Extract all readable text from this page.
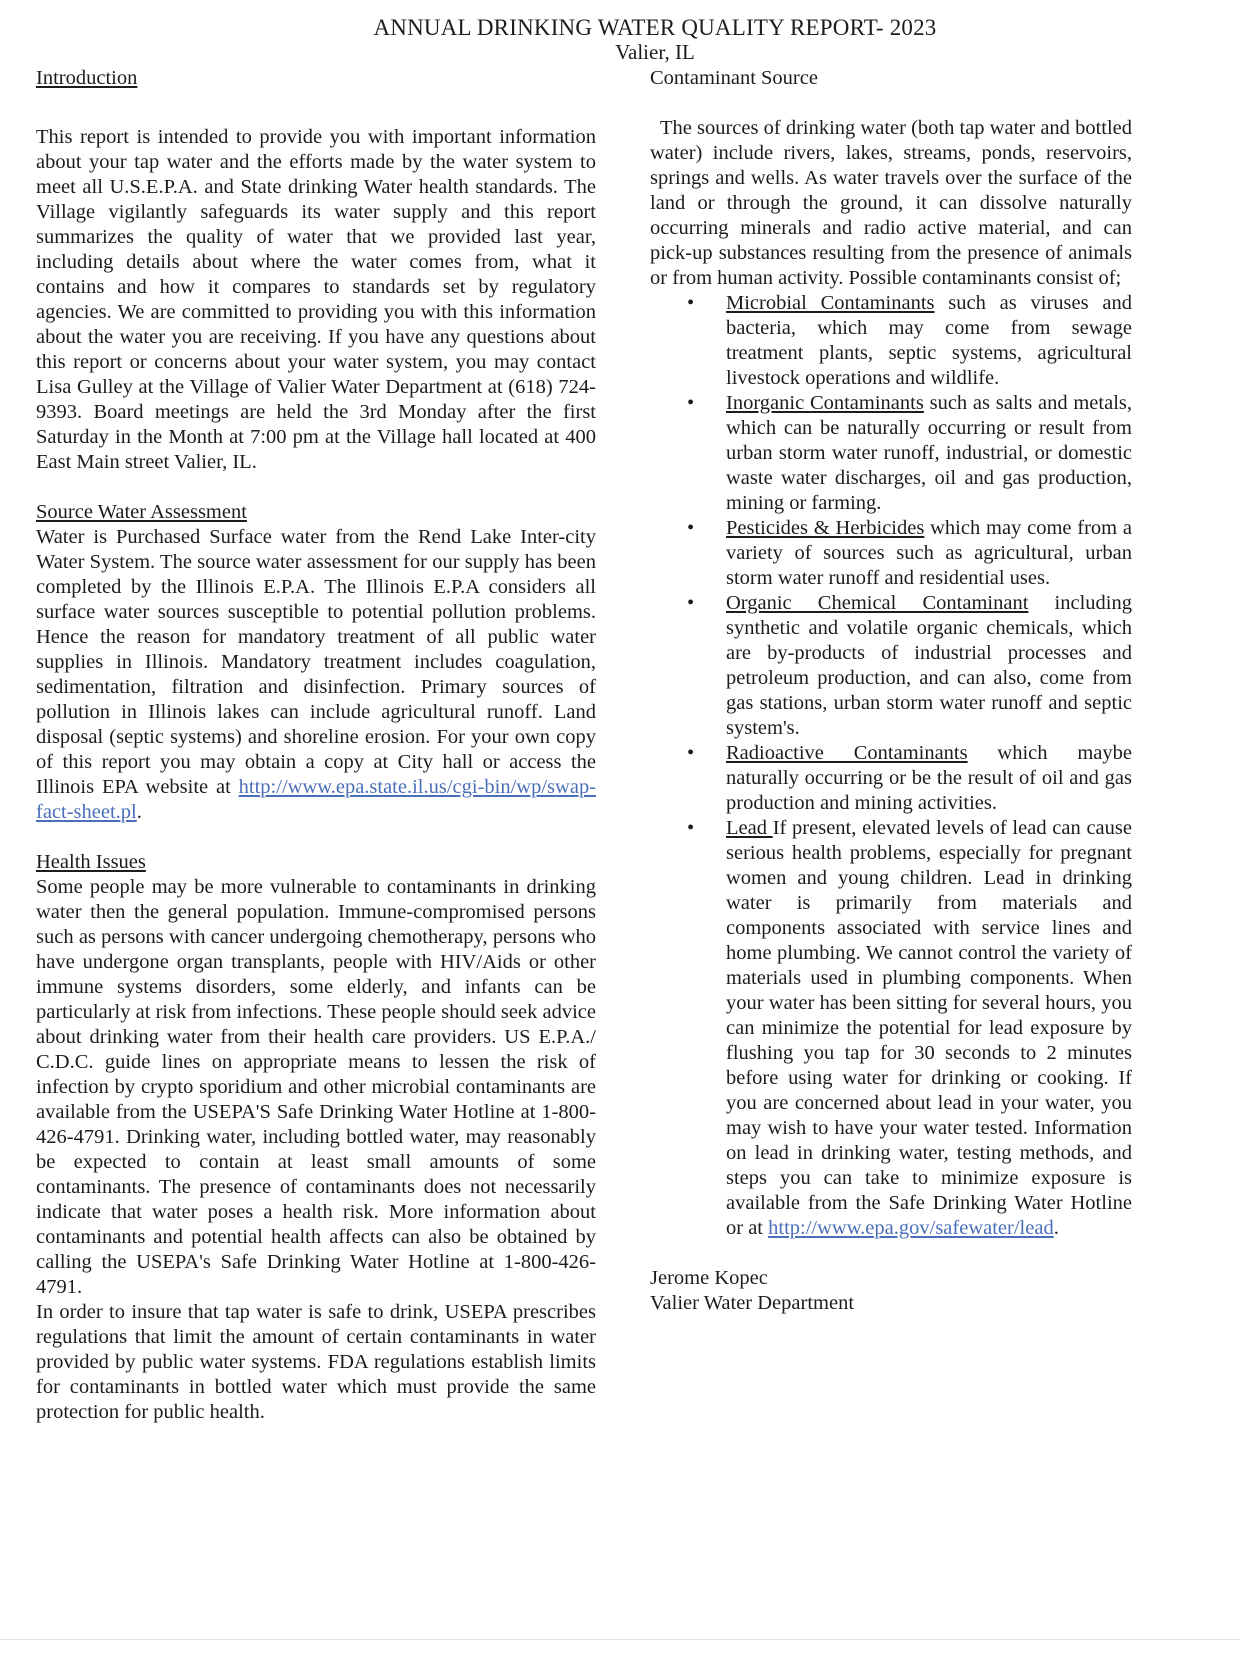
ANNUAL DRINKING WATER QUALITY REPORT- 2023
Valier, IL
Introduction

This report is intended to provide you with important information about your tap water and the efforts made by the water system to meet all U.S.E.P.A. and State drinking Water health standards. The Village vigilantly safeguards its water supply and this report summarizes the quality of water that we provided last year, including details about where the water comes from, what it contains and how it compares to standards set by regulatory agencies. We are committed to providing you with this information about the water you are receiving. If you have any questions about this report or concerns about your water system, you may contact Lisa Gulley at the Village of Valier Water Department at (618) 724-9393. Board meetings are held the 3rd Monday after the first Saturday in the Month at 7:00 pm at the Village hall located at 400 East Main street Valier, IL.

Source Water Assessment

Water is Purchased Surface water from the Rend Lake Inter-city Water System. The source water assessment for our supply has been completed by the Illinois E.P.A. The Illinois E.P.A considers all surface water sources susceptible to potential pollution problems. Hence the reason for mandatory treatment of all public water supplies in Illinois. Mandatory treatment includes coagulation, sedimentation, filtration and disinfection. Primary sources of pollution in Illinois lakes can include agricultural runoff. Land disposal (septic systems) and shoreline erosion. For your own copy of this report you may obtain a copy at City hall or access the Illinois EPA website at http://www.epa.state.il.us/cgi-bin/wp/swap-fact-sheet.pl.

Health Issues

Some people may be more vulnerable to contaminants in drinking water then the general population. Immune-compromised persons such as persons with cancer undergoing chemotherapy, persons who have undergone organ transplants, people with HIV/Aids or other immune systems disorders, some elderly, and infants can be particularly at risk from infections. These people should seek advice about drinking water from their health care providers. US E.P.A./ C.D.C. guide lines on appropriate means to lessen the risk of infection by crypto sporidium and other microbial contaminants are available from the USEPA'S Safe Drinking Water Hotline at 1-800-426-4791. Drinking water, including bottled water, may reasonably be expected to contain at least small amounts of some contaminants. The presence of contaminants does not necessarily indicate that water poses a health risk. More information about contaminants and potential health affects can also be obtained by calling the USEPA's Safe Drinking Water Hotline at 1-800-426-4791.

In order to insure that tap water is safe to drink, USEPA prescribes regulations that limit the amount of certain contaminants in water provided by public water systems. FDA regulations establish limits for contaminants in bottled water which must provide the same protection for public health.

Contaminant Source

The sources of drinking water (both tap water and bottled water) include rivers, lakes, streams, ponds, reservoirs, springs and wells. As water travels over the surface of the land or through the ground, it can dissolve naturally occurring minerals and radio active material, and can pick-up substances resulting from the presence of animals or from human activity. Possible contaminants consist of;

• Microbial Contaminants such as viruses and bacteria, which may come from sewage treatment plants, septic systems, agricultural livestock operations and wildlife.
• Inorganic Contaminants such as salts and metals, which can be naturally occurring or result from urban storm water runoff, industrial, or domestic waste water discharges, oil and gas production, mining or farming.
• Pesticides & Herbicides which may come from a variety of sources such as agricultural, urban storm water runoff and residential uses.
• Organic Chemical Contaminant including synthetic and volatile organic chemicals, which are by-products of industrial processes and petroleum production, and can also, come from gas stations, urban storm water runoff and septic system's.
• Radioactive Contaminants which maybe naturally occurring or be the result of oil and gas production and mining activities.
• Lead If present, elevated levels of lead can cause serious health problems, especially for pregnant women and young children. Lead in drinking water is primarily from materials and components associated with service lines and home plumbing. We cannot control the variety of materials used in plumbing components. When your water has been sitting for several hours, you can minimize the potential for lead exposure by flushing you tap for 30 seconds to 2 minutes before using water for drinking or cooking. If you are concerned about lead in your water, you may wish to have your water tested. Information on lead in drinking water, testing methods, and steps you can take to minimize exposure is available from the Safe Drinking Water Hotline or at http://www.epa.gov/safewater/lead.
Jerome Kopec
Valier Water Department
